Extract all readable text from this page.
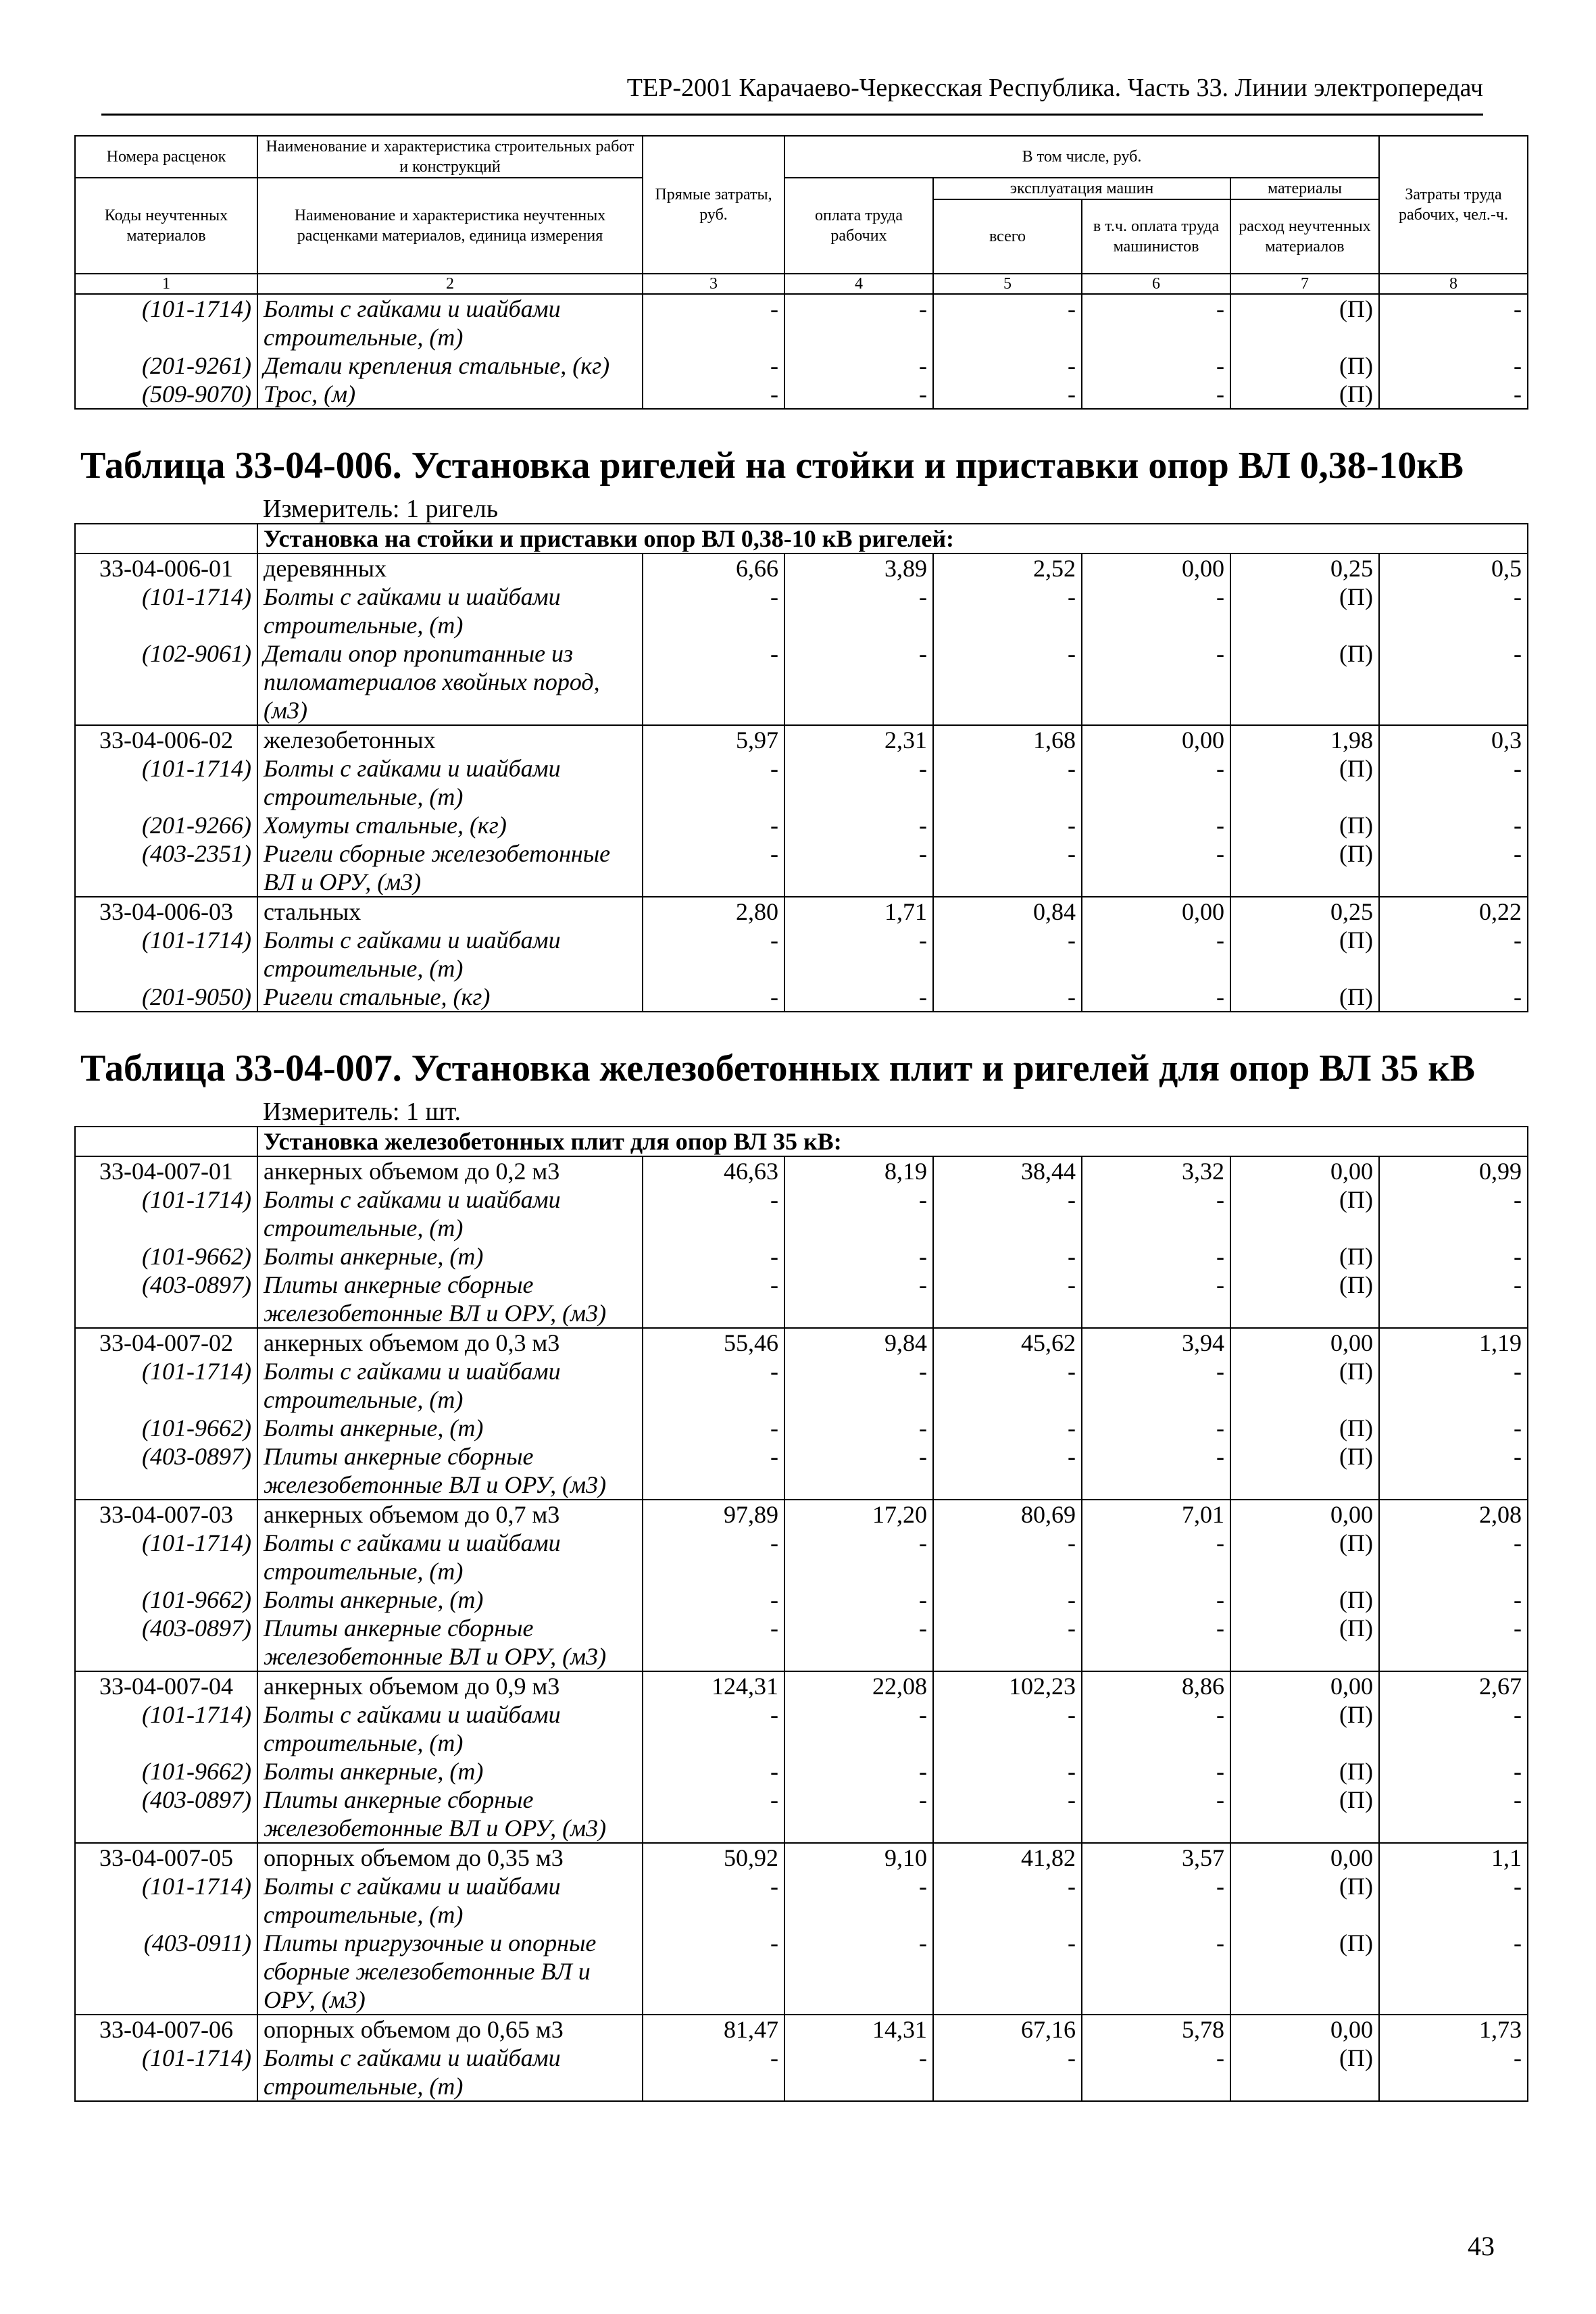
ТЕР-2001 Карачаево-Черкесская Республика. Часть 33. Линии электропередач
Номера расценок	Наименование и характеристика строительных работ и конструкций	Прямые затраты, руб.	В том числе, руб.				Затраты труда рабочих, чел.-ч.
Коды неучтенных материалов	Наименование и характеристика неучтенных расценками материалов, единица измерения		оплата труда рабочих	эксплуатация машин		материалы	
				всего	в т.ч. оплата труда машинистов	расход неучтенных материалов	
1	2	3	4	5	6	7	8
(101-1714)	Болты с гайками и шайбами строительные, (т)	-	-	-	-	(П)	-
(201-9261)	Детали крепления стальные, (кг)	-	-	-	-	(П)	-
(509-9070)	Трос, (м)	-	-	-	-	(П)	-
Таблица 33-04-006. Установка ригелей на стойки и приставки опор ВЛ 0,38-10кВ							
	Измеритель: 1 ригель						
	Установка на стойки и приставки опор ВЛ 0,38-10 кВ ригелей:						
33-04-006-01	деревянных	6,66	3,89	2,52	0,00	0,25	0,5
(101-1714)	Болты с гайками и шайбами строительные, (т)	-	-	-	-	(П)	-
(102-9061)	Детали опор пропитанные из пиломатериалов хвойных пород, (м3)	-	-	-	-	(П)	-
33-04-006-02	железобетонных	5,97	2,31	1,68	0,00	1,98	0,3
(101-1714)	Болты с гайками и шайбами строительные, (т)	-	-	-	-	(П)	-
(201-9266)	Хомуты стальные, (кг)	-	-	-	-	(П)	-
(403-2351)	Ригели сборные железобетонные ВЛ и ОРУ, (м3)	-	-	-	-	(П)	-
33-04-006-03	стальных	2,80	1,71	0,84	0,00	0,25	0,22
(101-1714)	Болты с гайками и шайбами строительные, (т)	-	-	-	-	(П)	-
(201-9050)	Ригели стальные, (кг)	-	-	-	-	(П)	-
Таблица 33-04-007. Установка железобетонных плит и ригелей для опор ВЛ 35 кВ							
	Измеритель: 1 шт.						
	Установка железобетонных плит для опор ВЛ 35 кВ:						
33-04-007-01	анкерных объемом до 0,2 м3	46,63	8,19	38,44	3,32	0,00	0,99
(101-1714)	Болты с гайками и шайбами строительные, (т)	-	-	-	-	(П)	-
(101-9662)	Болты анкерные, (т)	-	-	-	-	(П)	-
(403-0897)	Плиты анкерные сборные железобетонные ВЛ и ОРУ, (м3)	-	-	-	-	(П)	-
33-04-007-02	анкерных объемом до 0,3 м3	55,46	9,84	45,62	3,94	0,00	1,19
(101-1714)	Болты с гайками и шайбами строительные, (т)	-	-	-	-	(П)	-
(101-9662)	Болты анкерные, (т)	-	-	-	-	(П)	-
(403-0897)	Плиты анкерные сборные железобетонные ВЛ и ОРУ, (м3)	-	-	-	-	(П)	-
33-04-007-03	анкерных объемом до 0,7 м3	97,89	17,20	80,69	7,01	0,00	2,08
(101-1714)	Болты с гайками и шайбами строительные, (т)	-	-	-	-	(П)	-
(101-9662)	Болты анкерные, (т)	-	-	-	-	(П)	-
(403-0897)	Плиты анкерные сборные железобетонные ВЛ и ОРУ, (м3)	-	-	-	-	(П)	-
33-04-007-04	анкерных объемом до 0,9 м3	124,31	22,08	102,23	8,86	0,00	2,67
(101-1714)	Болты с гайками и шайбами строительные, (т)	-	-	-	-	(П)	-
(101-9662)	Болты анкерные, (т)	-	-	-	-	(П)	-
(403-0897)	Плиты анкерные сборные железобетонные ВЛ и ОРУ, (м3)	-	-	-	-	(П)	-
33-04-007-05	опорных объемом до 0,35 м3	50,92	9,10	41,82	3,57	0,00	1,1
(101-1714)	Болты с гайками и шайбами строительные, (т)	-	-	-	-	(П)	-
(403-0911)	Плиты пригрузочные и опорные сборные железобетонные ВЛ и ОРУ, (м3)	-	-	-	-	(П)	-
33-04-007-06	опорных объемом до 0,65 м3	81,47	14,31	67,16	5,78	0,00	1,73
(101-1714)	Болты с гайками и шайбами строительные, (т)	-	-	-	-	(П)	-
43
